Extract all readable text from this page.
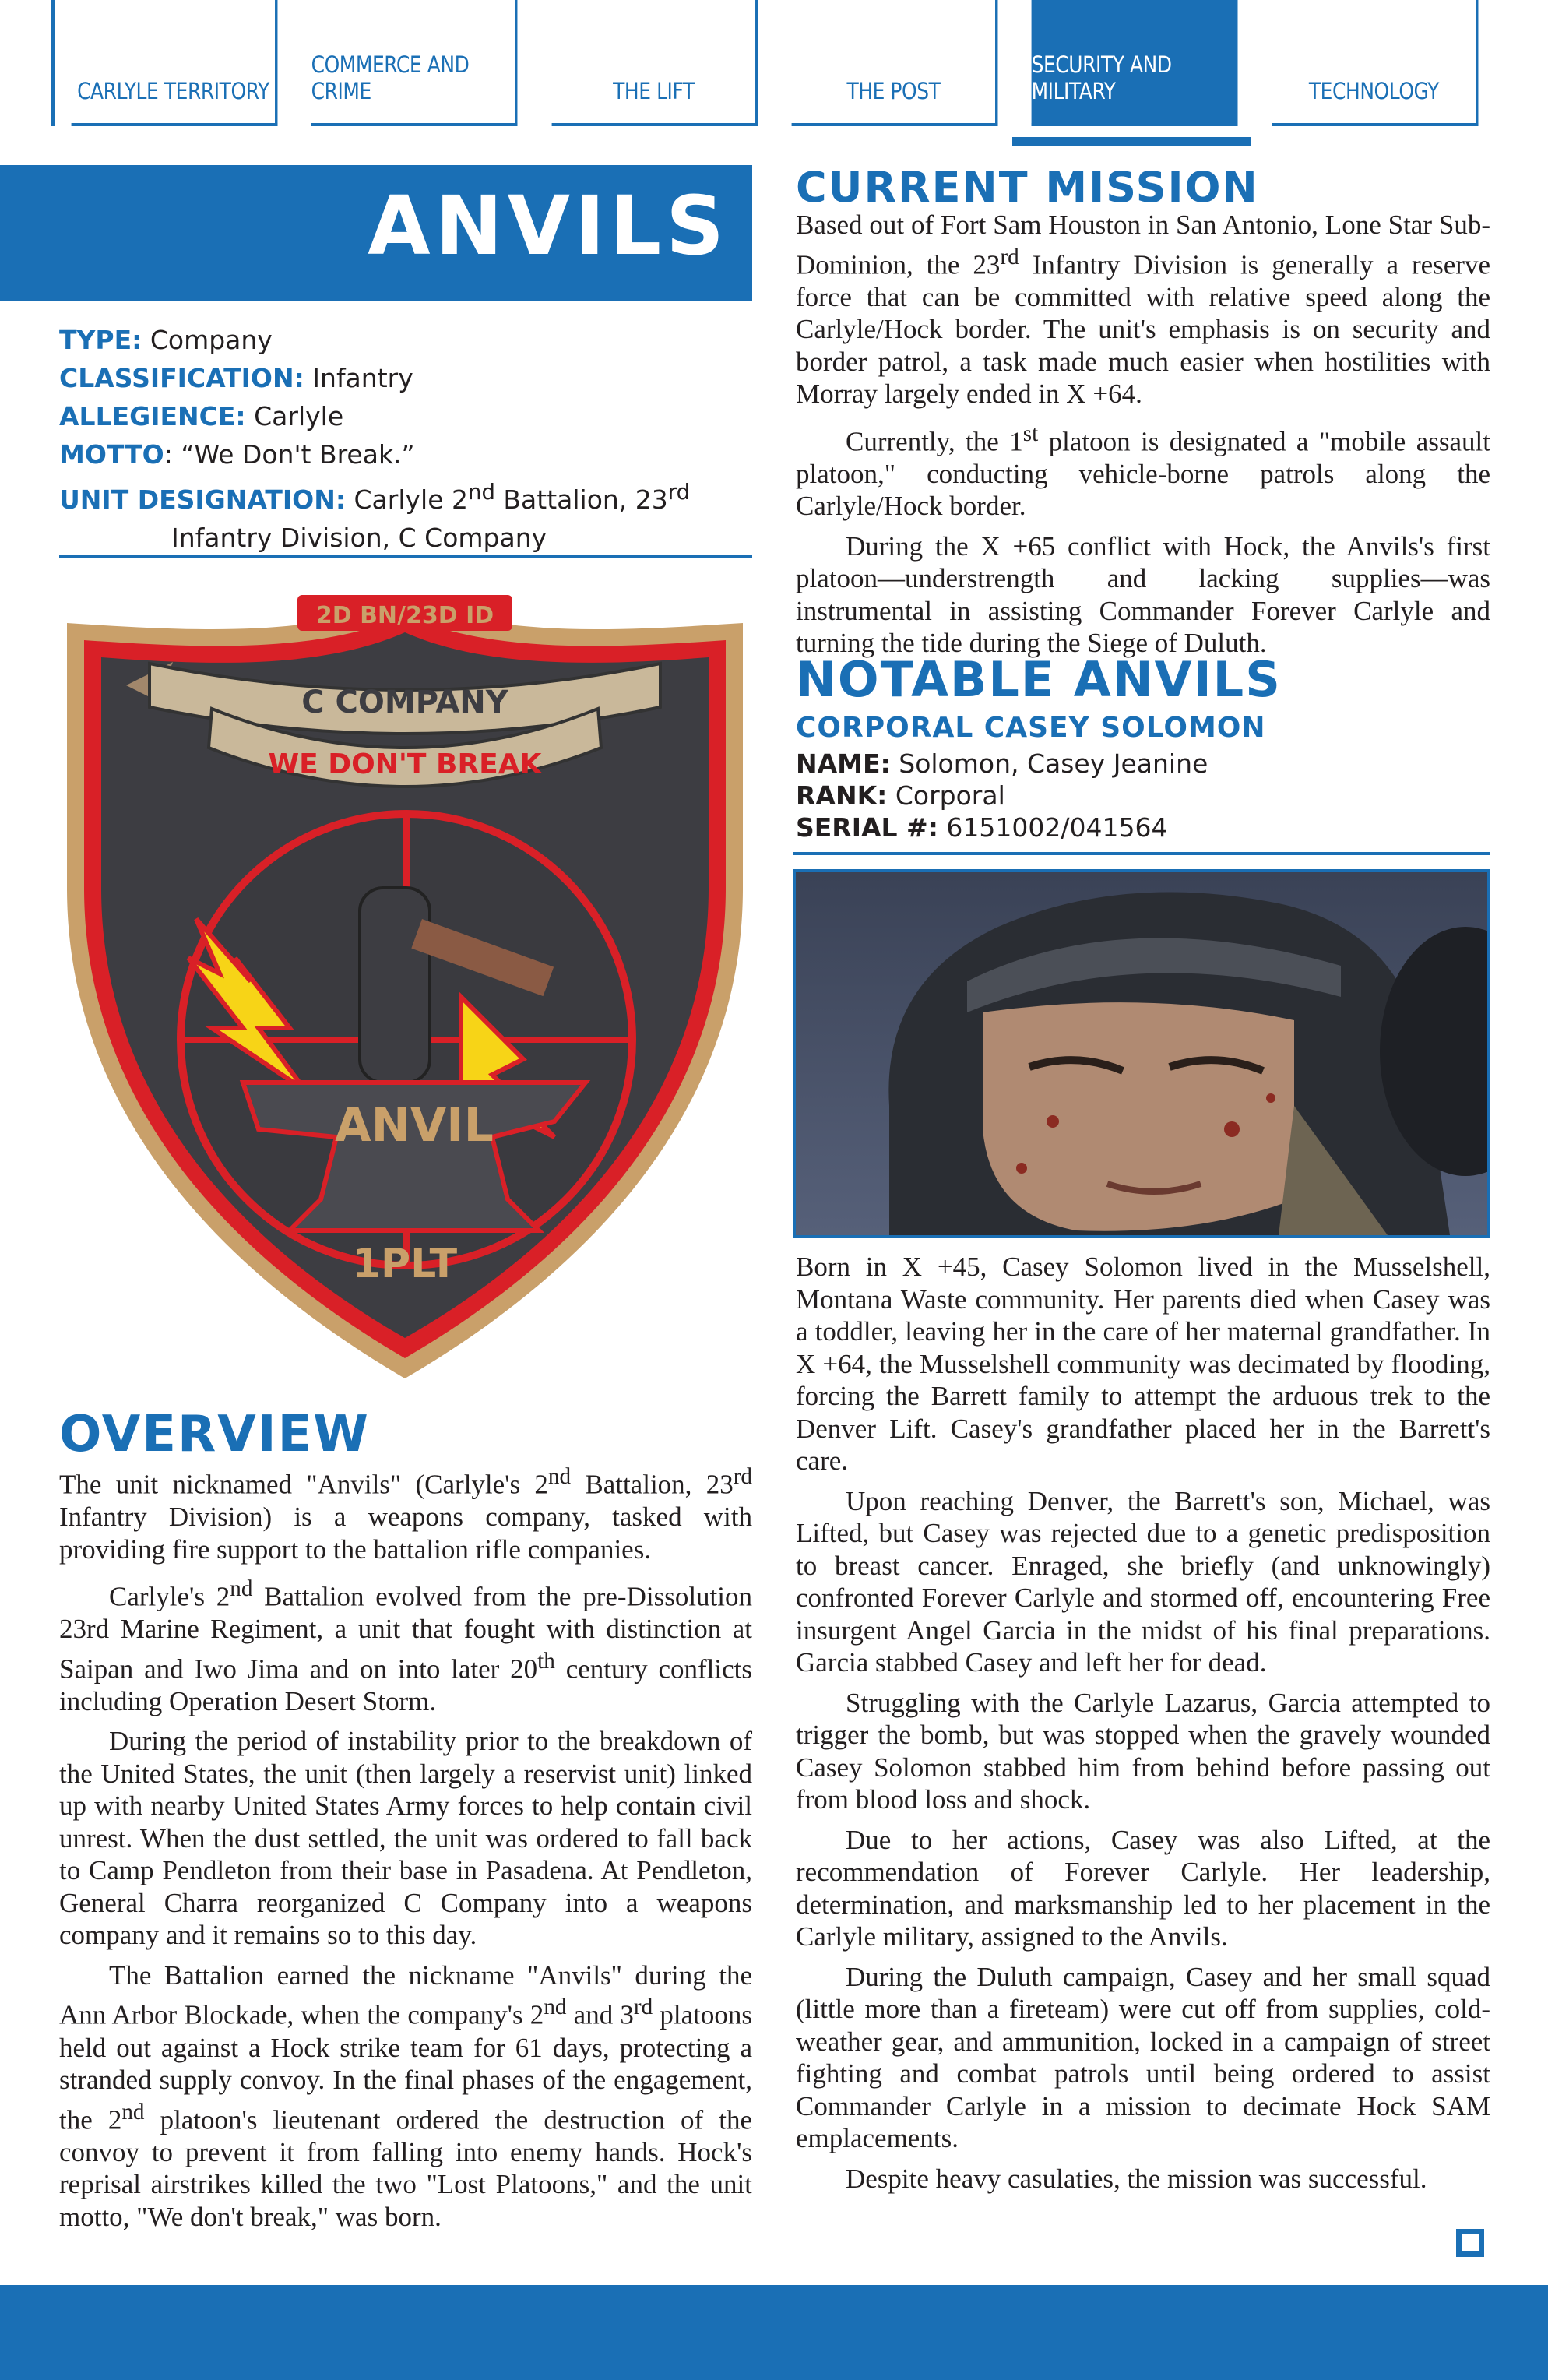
CARLYLE TERRITORY
COMMERCE AND CRIME	THE LIFT	THE POST
SECURITY AND MILITARY	TECHNOLOGY
ANVILS
TYPE: Company
CLASSIFICATION: Infantry
ALLEGIENCE: Carlyle
MOTTO: “We Don't Break.”
UNIT DESIGNATION: Carlyle 2nd Battalion, 23rd
Infantry Division, C Company
2D BN/23D ID
C COMPANY
WE DON'T BREAK
ANVIL
1PLT
OVERVIEW

The unit nicknamed "Anvils" (Carlyle's 2nd Battalion, 23rd Infantry Division) is a weapons company, tasked with providing fire support to the battalion rifle companies.

Carlyle's 2nd Battalion evolved from the pre-Dissolution 23rd Marine Regiment, a unit that fought with distinction at Saipan and Iwo Jima and on into later 20th century conflicts including Operation Desert Storm.

During the period of instability prior to the breakdown of the United States, the unit (then largely a reservist unit) linked up with nearby United States Army forces to help contain civil unrest. When the dust settled, the unit was ordered to fall back to Camp Pendleton from their base in Pasadena. At Pendleton, General Charra reorganized C Company into a weapons company and it remains so to this day.

The Battalion earned the nickname "Anvils" during the Ann Arbor Blockade, when the company's 2nd and 3rd platoons held out against a Hock strike team for 61 days, protecting a stranded supply convoy. In the final phases of the engagement, the 2nd platoon's lieutenant ordered the destruction of the convoy to prevent it from falling into enemy hands. Hock's reprisal airstrikes killed the two "Lost Platoons," and the unit motto, "We don't break," was born.

CURRENT MISSION

Based out of Fort Sam Houston in San Antonio, Lone Star Sub-Dominion, the 23rd Infantry Division is generally a reserve force that can be committed with relative speed along the Carlyle/Hock border. The unit's emphasis is on security and border patrol, a task made much easier when hostilities with Morray largely ended in X +64.

Currently, the 1st platoon is designated a "mobile assault platoon," conducting vehicle-borne patrols along the Carlyle/Hock border.

During the X +65 conflict with Hock, the Anvils's first platoon—understrength and lacking supplies—was instrumental in assisting Commander Forever Carlyle and turning the tide during the Siege of Duluth.

NOTABLE ANVILS
CORPORAL CASEY SOLOMON
NAME: Solomon, Casey Jeanine
RANK: Corporal
SERIAL #: 6151002/041564

Born in X +45, Casey Solomon lived in the Musselshell, Montana Waste community. Her parents died when Casey was a toddler, leaving her in the care of her maternal grandfather. In X +64, the Musselshell community was decimated by flooding, forcing the Barrett family to attempt the arduous trek to the Denver Lift. Casey's grandfather placed her in the Barrett's care.

Upon reaching Denver, the Barrett's son, Michael, was Lifted, but Casey was rejected due to a genetic predisposition to breast cancer. Enraged, she briefly (and unknowingly) confronted Forever Carlyle and stormed off, encountering Free insurgent Angel Garcia in the midst of his final preparations. Garcia stabbed Casey and left her for dead.

Struggling with the Carlyle Lazarus, Garcia attempted to trigger the bomb, but was stopped when the gravely wounded Casey Solomon stabbed him from behind before passing out from blood loss and shock.

Due to her actions, Casey was also Lifted, at the recommendation of Forever Carlyle. Her leadership, determination, and marksmanship led to her placement in the Carlyle military, assigned to the Anvils.

During the Duluth campaign, Casey and her small squad (little more than a fireteam) were cut off from supplies, cold-weather gear, and ammunition, locked in a campaign of street fighting and combat patrols until being ordered to assist Commander Carlyle in a mission to decimate Hock SAM emplacements.

Despite heavy casulaties, the mission was successful.
